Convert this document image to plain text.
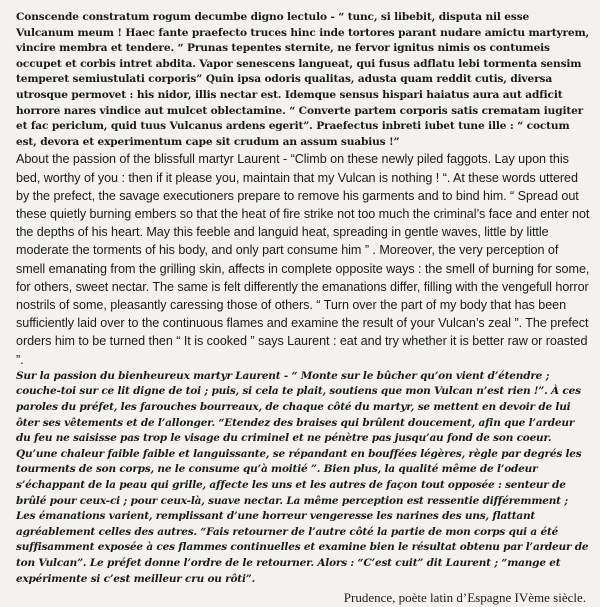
Conscende constratum rogum decumbe digno lectulo - “ tunc, si libebit, disputa nil esse Vulcanum meum ! Haec fante praefecto truces hinc inde tortores parant nudare amictu martyrem, vincire membra et tendere. “ Prunas tepentes sternite, ne fervor ignitus nimis os contumeis occupet et corbis intret abdita. Vapor senescens langueat, qui fusus adflatu lebi tormenta sensim temperet semiustulati corporis” Quin ipsa odoris qualitas, adusta quam reddit cutis, diversa utrosque permovet : his nidor, illis nectar est. Idemque sensus hispari haiatus aura aut adficit horrore nares vindice aut mulcet oblectamine. “ Converte partem corporis satis crematam iugiter et fac periclum, quid tuus Vulcanus ardens egerit”. Praefectus inbreti iubet tune ille : “ coctum est, devora et experimentum cape sit crudum an assum suabius !”

About the passion of the blissfull martyr Laurent - “Climb on these newly piled faggots. Lay upon this bed, worthy of you : then if it please you, maintain that my Vulcan is nothing ! “. At these words uttered by the prefect, the savage executioners prepare to remove his garments and to bind him. “ Spread out these quietly burning embers so that the heat of fire strike not too much the criminal’s face and enter not the depths of his heart. May this feeble and languid heat, spreading in gentle waves, little by little moderate the torments of his body, and only part consume him ” . Moreover, the very perception of smell emanating from the grilling skin, affects in complete opposite ways : the smell of burning for some, for others, sweet nectar. The same is felt differently the emanations differ, filling with the vengefull horror nostrils of some, pleasantly caressing those of others. “ Turn over the part of my body that has been sufficiently laid over to the continuous flames and examine the result of your Vulcan’s zeal ”. The prefect orders him to be turned then “ It is cooked ” says Laurent : eat and try whether it is better raw or roasted ”.

Sur la passion du bienheureux martyr Laurent - “ Monte sur le bûcher qu’on vient d’étendre ; couche-toi sur ce lit digne de toi ; puis, si cela te plait, soutiens que mon Vulcan n’est rien !”. À ces paroles du préfet, les farouches bourreaux, de chaque côté du martyr, se mettent en devoir de lui ôter ses vêtements et de l’allonger. “Etendez des braises qui brûlent doucement, afin que l’ardeur du feu ne saisisse pas trop le visage du criminel et ne pénètre pas jusqu’au fond de son coeur. Qu’une chaleur faible faible et languissante, se répandant en bouffées légères, règle par degrés les tourments de son corps, ne le consume qu’à moitié ”. Bien plus, la qualité même de l’odeur s’échappant de la peau qui grille, affecte les uns et les autres de façon tout opposée : senteur de brûlé pour ceux-ci ; pour ceux-là, suave nectar. La même perception est ressentie différemment ; Les émanations varient, remplissant d’une horreur vengeresse les narines des uns, flattant agréablement celles des autres. “Fais retourner de l’autre côté la partie de mon corps qui a été suffisamment exposée à ces flammes continuelles et examine bien le résultat obtenu par l’ardeur de ton Vulcan”. Le préfet donne l’ordre de le retourner. Alors : “C’est cuit” dit Laurent ; “mange et expérimente si c’est meilleur cru ou rôti”.

Prudence, poète latin d’Espagne IVème siècle.
